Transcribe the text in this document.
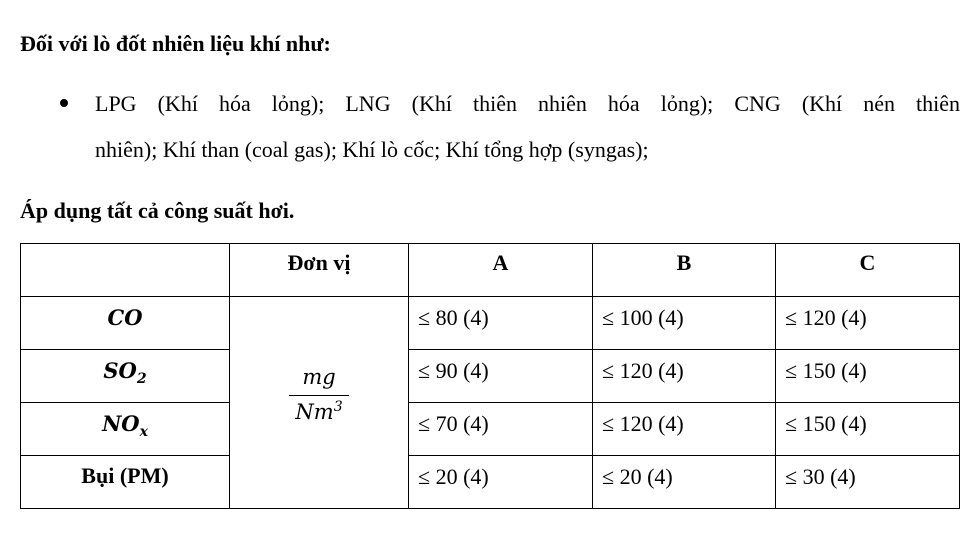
Đối với lò đốt nhiên liệu khí như:
LPG (Khí hóa lỏng); LNG (Khí thiên nhiên hóa lỏng); CNG (Khí nén thiên
nhiên); Khí than (coal gas); Khí lò cốc; Khí tổng hợp (syngas);
Áp dụng tất cả công suất hơi.
	Đơn vị	A	B	C
CO	$\frac{mg}{Nm^3}$	≤ 80 (4)	≤ 100 (4)	≤ 120 (4)
$SO_2$		≤ 90 (4)	≤ 120 (4)	≤ 150 (4)
$NO_x$		≤ 70 (4)	≤ 120 (4)	≤ 150 (4)
Bụi (PM)		≤ 20 (4)	≤ 20 (4)	≤ 30 (4)
